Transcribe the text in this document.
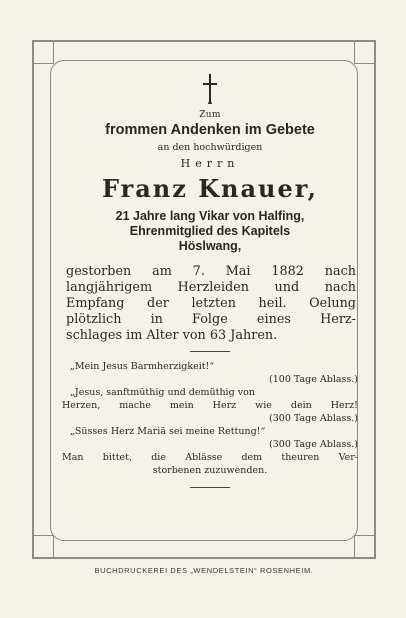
Zum
frommen Andenken im Gebete
an den hochwürdigen
Herrn
Franz Knauer,
21 Jahre lang Vikar von Halfing,
Ehrenmitglied des Kapitels
Höslwang,
gestorben am 7. Mai 1882 nach
langjährigem Herzleiden und nach
Empfang der letzten heil. Oelung
plötzlich in Folge eines Herz-
schlages im Alter von 63 Jahren.
„Mein Jesus Barmherzigkeit!“
(100 Tage Ablass.)
„Jesus, sanftmüthig und demüthig von
Herzen, mache mein Herz wie dein Herz!
(300 Tage Ablass.)
„Süsses Herz Mariä sei meine Rettung!“
(300 Tage Ablass.)
Man bittet, die Ablässe dem theuren Ver-
storbenen zuzuwenden.
BUCHDRUCKEREI DES „WENDELSTEIN“ ROSENHEIM.
